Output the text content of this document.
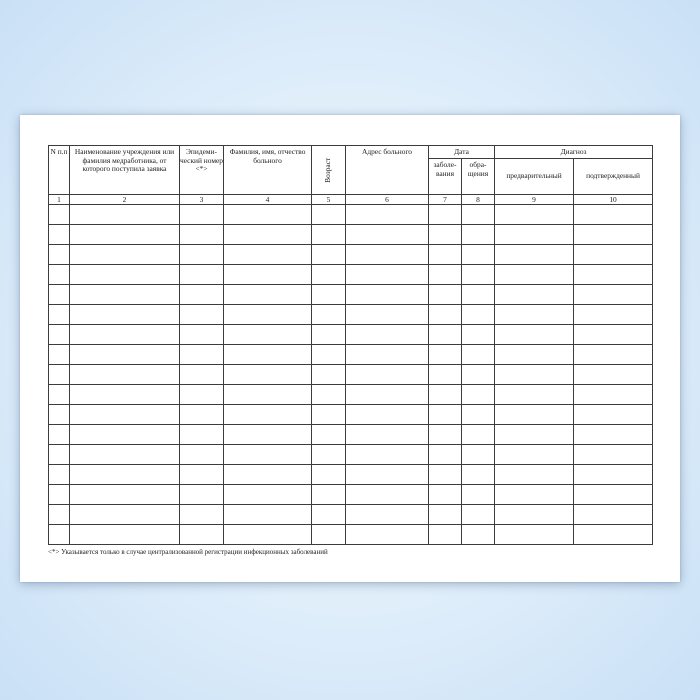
N п.п	Наименование учреждения или фамилия медработника, от которого поступила заявка	Эпидеми-ческий номер <*>	Фамилия, имя, отчество больного	Возраст	Адрес больного	Дата		Диагноз	
						заболе-вания	обра-щения	предварительный	подтвержденный
1	2	3	4	5	6	7	8	9	10

<*> Указывается только в случае централизованной регистрации инфекционных заболеваний
